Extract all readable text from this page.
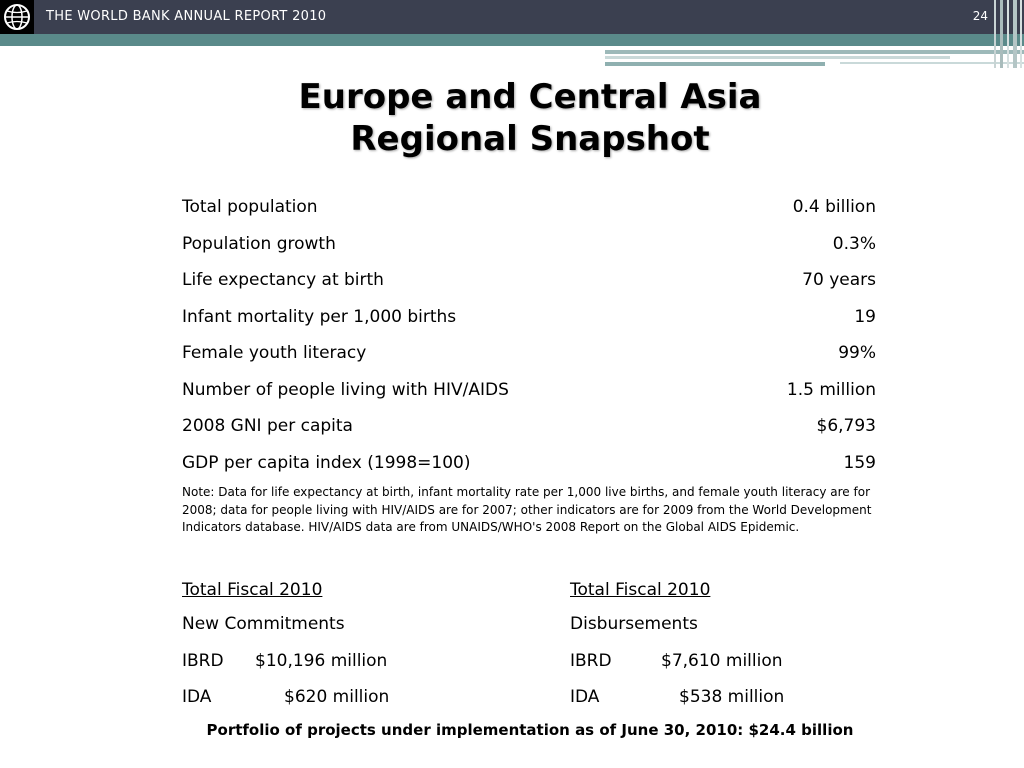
THE WORLD BANK ANNUAL REPORT 2010	24
Europe and Central Asia
Regional Snapshot
Total population	0.4 billion
Population growth	0.3%
Life expectancy at birth	70 years
Infant mortality per 1,000 births	19
Female youth literacy	99%
Number of people living with HIV/AIDS	1.5 million
2008 GNI per capita	$6,793
GDP per capita index (1998=100)	159
Note: Data for life expectancy at birth, infant mortality rate per 1,000 live births, and female youth literacy are for 2008; data for people living with HIV/AIDS are for 2007; other indicators are for 2009 from the World Development Indicators database. HIV/AIDS data are from UNAIDS/WHO's 2008 Report on the Global AIDS Epidemic.
Total Fiscal 2010
New Commitments
IBRD	$10,196 million
IDA	$620 million
Total Fiscal 2010
Disbursements
IBRD	$7,610 million
IDA	$538 million
Portfolio of projects under implementation as of June 30, 2010: $24.4 billion
